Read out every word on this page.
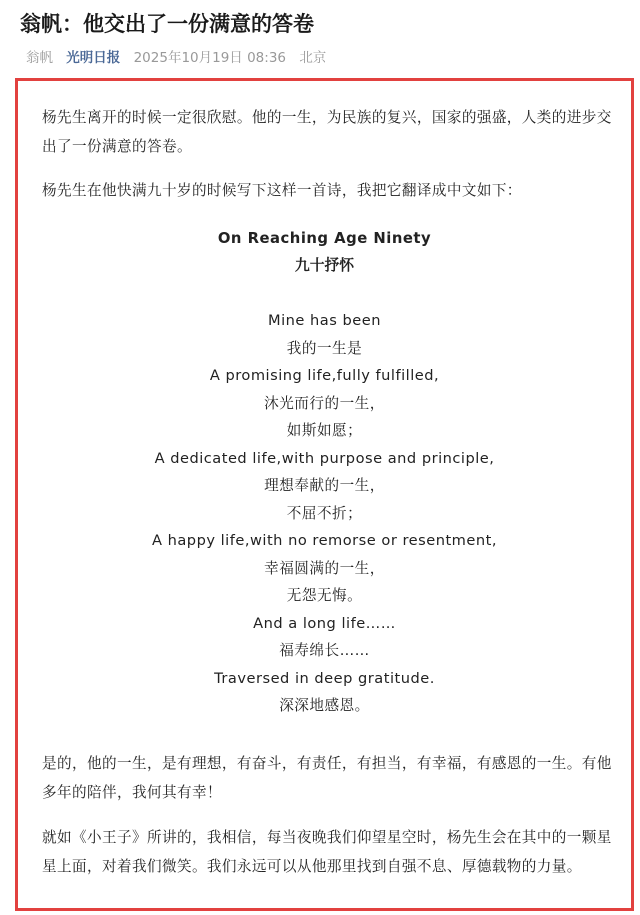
翁帆：他交出了一份满意的答卷
翁帆 光明日报 2025年10月19日 08:36 北京

杨先生离开的时候一定很欣慰。他的一生，为民族的复兴，国家的强盛，人类的进步交出了一份满意的答卷。

杨先生在他快满九十岁的时候写下这样一首诗，我把它翻译成中文如下：

On Reaching Age Ninety

九十抒怀

Mine has been
我的一生是
A promising life,fully fulfilled,
沐光而行的一生，
如斯如愿；
A dedicated life,with purpose and principle,
理想奉献的一生，
不屈不折；
A happy life,with no remorse or resentment,
幸福圆满的一生，
无怨无悔。
And a long life……
福寿绵长……
Traversed in deep gratitude.
深深地感恩。

是的，他的一生，是有理想，有奋斗，有责任，有担当，有幸福，有感恩的一生。有他多年的陪伴，我何其有幸！

就如《小王子》所讲的，我相信，每当夜晚我们仰望星空时，杨先生会在其中的一颗星星上面，对着我们微笑。我们永远可以从他那里找到自强不息、厚德载物的力量。
